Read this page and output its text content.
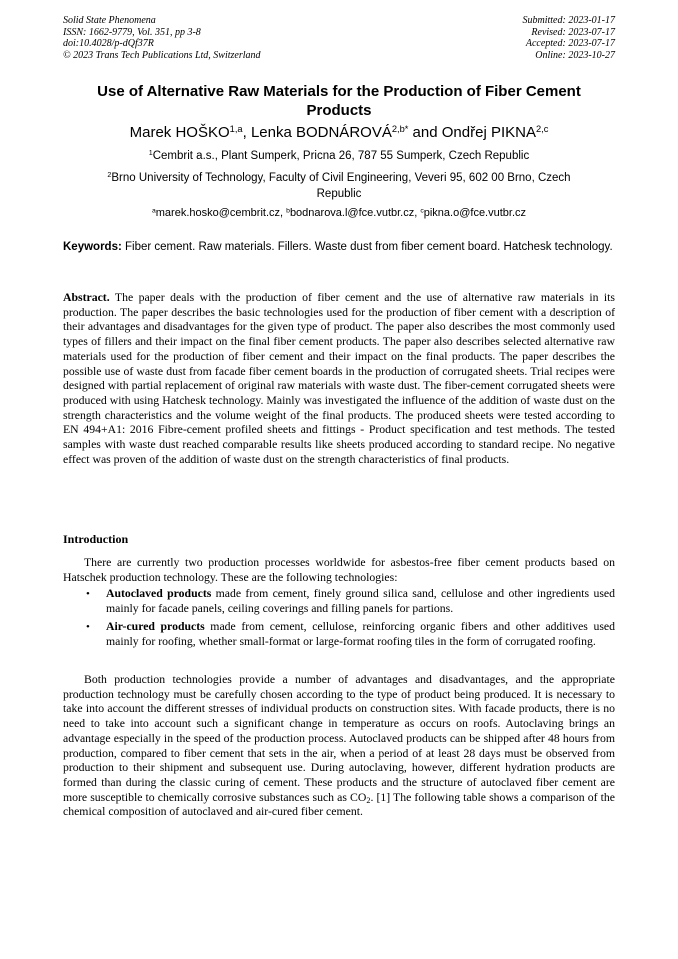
Solid State Phenomena
ISSN: 1662-9779, Vol. 351, pp 3-8
doi:10.4028/p-dQf37R
© 2023 Trans Tech Publications Ltd, Switzerland
Submitted: 2023-01-17
Revised: 2023-07-17
Accepted: 2023-07-17
Online: 2023-10-27
Use of Alternative Raw Materials for the Production of Fiber Cement Products
Marek HOŠKO$^{1,a}$, Lenka $BODNÁROVÁ^{2,b*}$ and Ondřej PIKNA$^{2,c}$
$^1$Cembrit a.s., Plant Sumperk, Pricna 26, 787 55 Sumperk, Czech Republic
$^2$Brno University of Technology, Faculty of Civil Engineering, Veveri 95, 602 00 Brno, Czech Republic
$^a$marek.hosko@cembrit.cz, $^b$bodnarova.l@fce.vutbr.cz, $^c$pikna.o@fce.vutbr.cz
Keywords: Fiber cement. Raw materials. Fillers. Waste dust from fiber cement board. Hatchesk technology.
Abstract. The paper deals with the production of fiber cement and the use of alternative raw materials in its production. The paper describes the basic technologies used for the production of fiber cement with a description of their advantages and disadvantages for the given type of product. The paper also describes the most commonly used types of fillers and their impact on the final fiber cement products. The paper also describes selected alternative raw materials used for the production of fiber cement and their impact on the final products. The paper describes the possible use of waste dust from facade fiber cement boards in the production of corrugated sheets. Trial recipes were designed with partial replacement of original raw materials with waste dust. The fiber-cement corrugated sheets were produced with using Hatchesk technology. Mainly was investigated the influence of the addition of waste dust on the strength characteristics and the volume weight of the final products. The produced sheets were tested according to EN 494+A1: 2016 Fibre-cement profiled sheets and fittings - Product specification and test methods. The tested samples with waste dust reached comparable results like sheets produced according to standard recipe. No negative effect was proven of the addition of waste dust on the strength characteristics of final products.
Introduction
There are currently two production processes worldwide for asbestos-free fiber cement products based on Hatschek production technology. These are the following technologies:
• Autoclaved products made from cement, finely ground silica sand, cellulose and other ingredients used mainly for facade panels, ceiling coverings and filling panels for partions.
• Air-cured products made from cement, cellulose, reinforcing organic fibers and other additives used mainly for roofing, whether small-format or large-format roofing tiles in the form of corrugated roofing.
Both production technologies provide a number of advantages and disadvantages, and the appropriate production technology must be carefully chosen according to the type of product being produced. It is necessary to take into account the different stresses of individual products on construction sites. With facade products, there is no need to take into account such a significant change in temperature as occurs on roofs. Autoclaving brings an advantage especially in the speed of the production process. Autoclaved products can be shipped after 48 hours from production, compared to fiber cement that sets in the air, when a period of at least 28 days must be observed from production to their shipment and subsequent use. During autoclaving, however, different hydration products are formed than during the classic curing of cement. These products and the structure of autoclaved fiber cement are more susceptible to chemically corrosive substances such as $CO_2$. [1] The following table shows a comparison of the chemical composition of autoclaved and air-cured fiber cement.
